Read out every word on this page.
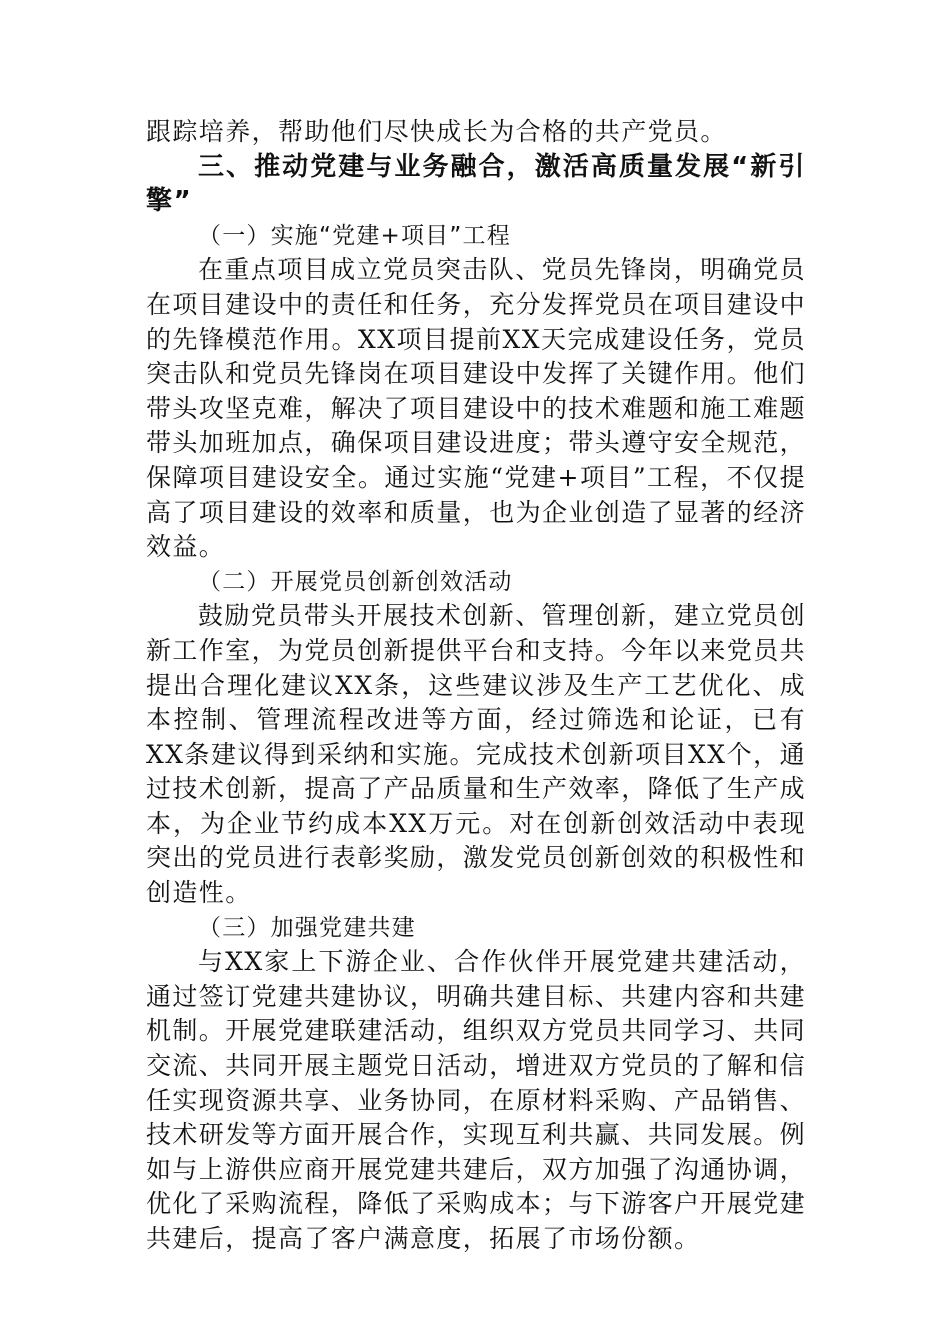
跟踪培养，帮助他们尽快成长为合格的共产党员。

三、推动党建与业务融合，激活高质量发展“新引擎”

（一）实施“党建+项目”工程

在重点项目成立党员突击队、党员先锋岗，明确党员在项目建设中的责任和任务，充分发挥党员在项目建设中的先锋模范作用。XX项目提前XX天完成建设任务，党员突击队和党员先锋岗在项目建设中发挥了关键作用。他们带头攻坚克难，解决了项目建设中的技术难题和施工难题带头加班加点，确保项目建设进度；带头遵守安全规范，保障项目建设安全。通过实施“党建+项目”工程，不仅提高了项目建设的效率和质量，也为企业创造了显著的经济效益。

（二）开展党员创新创效活动

鼓励党员带头开展技术创新、管理创新，建立党员创新工作室，为党员创新提供平台和支持。今年以来党员共提出合理化建议XX条，这些建议涉及生产工艺优化、成本控制、管理流程改进等方面，经过筛选和论证，已有XX条建议得到采纳和实施。完成技术创新项目XX个，通过技术创新，提高了产品质量和生产效率，降低了生产成本，为企业节约成本XX万元。对在创新创效活动中表现突出的党员进行表彰奖励，激发党员创新创效的积极性和创造性。

（三）加强党建共建

与XX家上下游企业、合作伙伴开展党建共建活动，通过签订党建共建协议，明确共建目标、共建内容和共建机制。开展党建联建活动，组织双方党员共同学习、共同交流、共同开展主题党日活动，增进双方党员的了解和信任实现资源共享、业务协同，在原材料采购、产品销售、技术研发等方面开展合作，实现互利共赢、共同发展。例如与上游供应商开展党建共建后，双方加强了沟通协调，优化了采购流程，降低了采购成本；与下游客户开展党建共建后，提高了客户满意度，拓展了市场份额。
